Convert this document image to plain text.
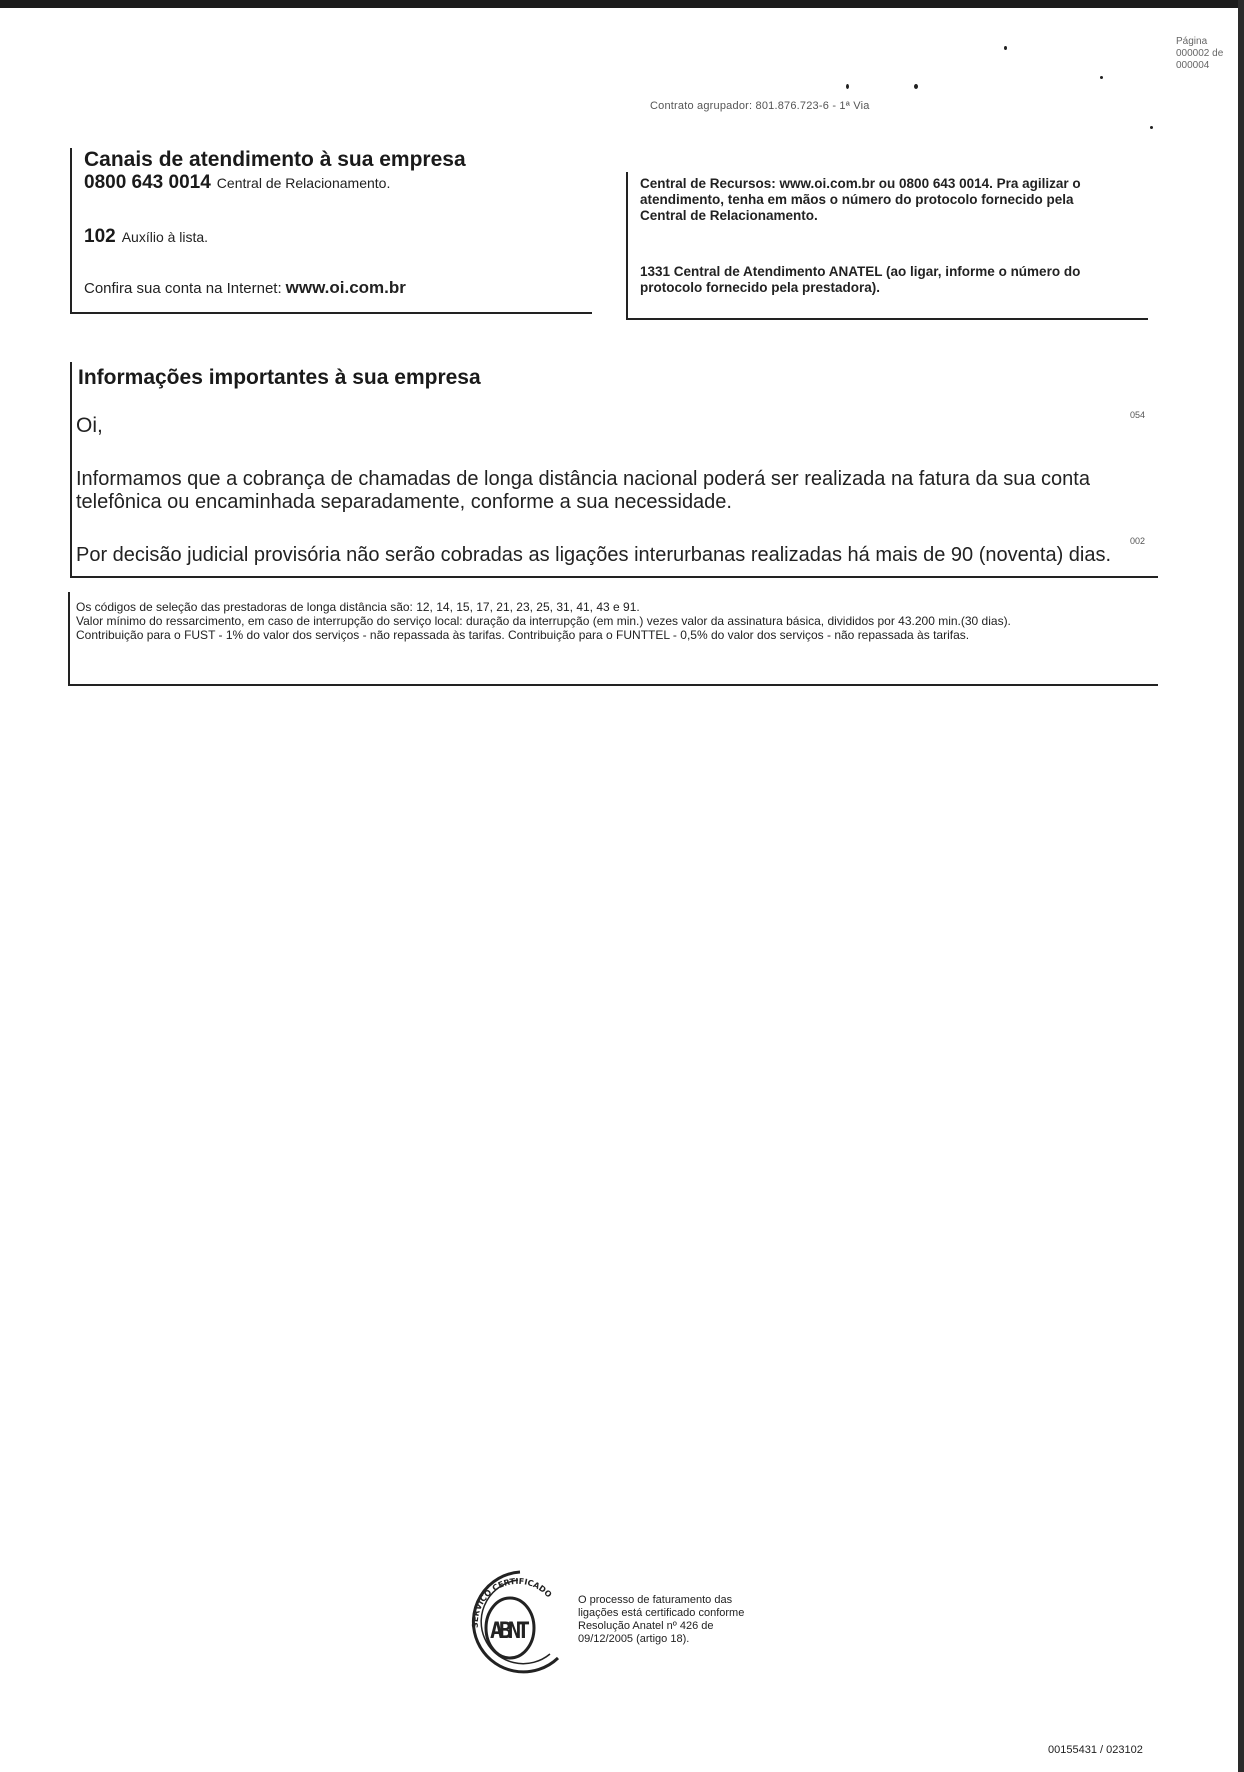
Página
000002 de
000004
Contrato agrupador: 801.876.723-6 - 1ª Via
Canais de atendimento à sua empresa
0800 643 0014 Central de Relacionamento.
102 Auxílio à lista.
Confira sua conta na Internet: www.oi.com.br
Central de Recursos: www.oi.com.br ou 0800 643 0014. Pra agilizar o atendimento, tenha em mãos o número do protocolo fornecido pela Central de Relacionamento.
1331 Central de Atendimento ANATEL (ao ligar, informe o número do protocolo fornecido pela prestadora).
Informações importantes à sua empresa
054
Oi,
Informamos que a cobrança de chamadas de longa distância nacional poderá ser realizada na fatura da sua conta telefônica ou encaminhada separadamente, conforme a sua necessidade.
002
Por decisão judicial provisória não serão cobradas as ligações interurbanas realizadas há mais de 90 (noventa) dias.

Os códigos de seleção das prestadoras de longa distância são: 12, 14, 15, 17, 21, 23, 25, 31, 41, 43 e 91.

Valor mínimo do ressarcimento, em caso de interrupção do serviço local: duração da interrupção (em min.) vezes valor da assinatura básica, divididos por 43.200 min.(30 dias).

Contribuição para o FUST - 1% do valor dos serviços - não repassada às tarifas. Contribuição para o FUNTTEL - 0,5% do valor dos serviços - não repassada às tarifas.

SERVIÇO CERTIFICADO
ABNT
O processo de faturamento das ligações está certificado conforme Resolução Anatel nº 426 de 09/12/2005 (artigo 18).
00155431 / 023102
